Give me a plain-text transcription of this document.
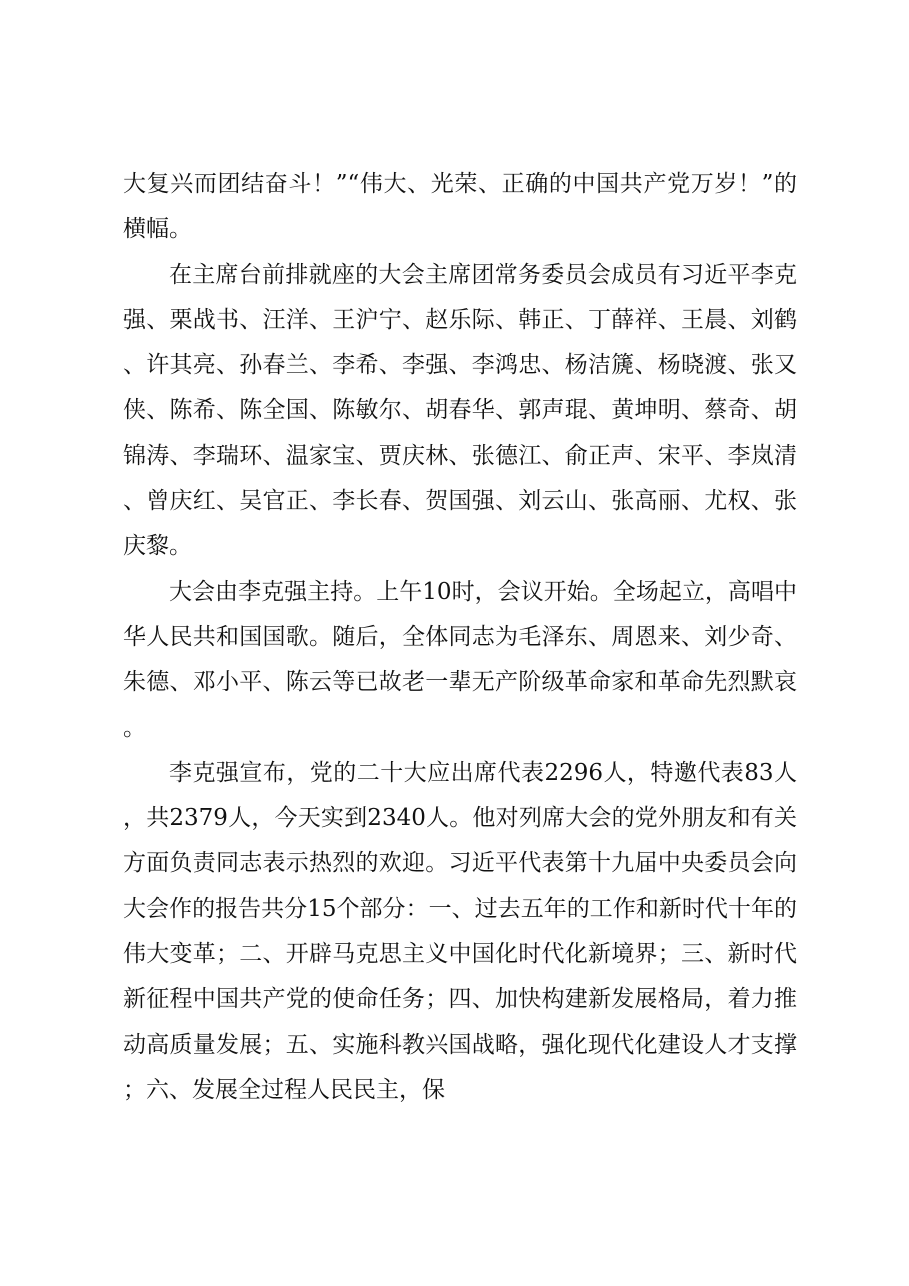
大复兴而团结奋斗！”“伟大、光荣、正确的中国共产党万岁！”的横幅。

在主席台前排就座的大会主席团常务委员会成员有习近平李克强、栗战书、汪洋、王沪宁、赵乐际、韩正、丁薛祥、王晨、刘鹤、许其亮、孙春兰、李希、李强、李鸿忠、杨洁篪、杨晓渡、张又侠、陈希、陈全国、陈敏尔、胡春华、郭声琨、黄坤明、蔡奇、胡锦涛、李瑞环、温家宝、贾庆林、张德江、俞正声、宋平、李岚清、曾庆红、吴官正、李长春、贺国强、刘云山、张高丽、尤权、张庆黎。

大会由李克强主持。上午10时，会议开始。全场起立，高唱中华人民共和国国歌。随后，全体同志为毛泽东、周恩来、刘少奇、朱德、邓小平、陈云等已故老一辈无产阶级革命家和革命先烈默哀。

李克强宣布，党的二十大应出席代表2296人，特邀代表83人，共2379人，今天实到2340人。他对列席大会的党外朋友和有关方面负责同志表示热烈的欢迎。习近平代表第十九届中央委员会向大会作的报告共分15个部分：一、过去五年的工作和新时代十年的伟大变革；二、开辟马克思主义中国化时代化新境界；三、新时代新征程中国共产党的使命任务；四、加快构建新发展格局，着力推动高质量发展；五、实施科教兴国战略，强化现代化建设人才支撑；六、发展全过程人民民主，保
